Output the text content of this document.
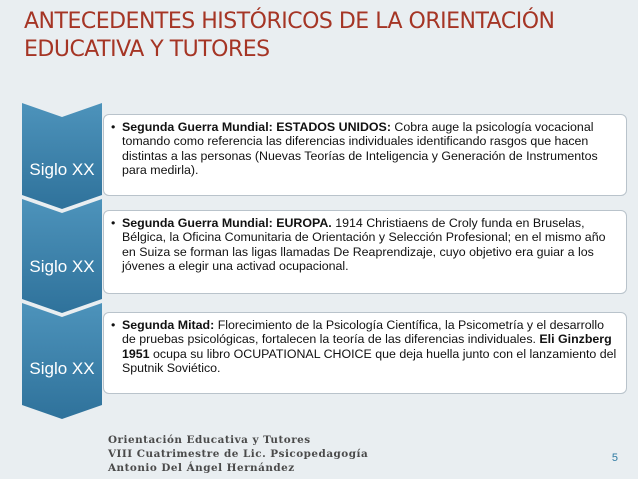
ANTECEDENTES HISTÓRICOS DE LA ORIENTACIÓN
EDUCATIVA Y TUTORES
Siglo XX
Siglo XX
Siglo XX
• Segunda Guerra Mundial: ESTADOS UNIDOS: Cobra auge la psicología vocacional tomando como referencia las diferencias individuales identificando rasgos que hacen distintas a las personas (Nuevas Teorías de Inteligencia y Generación de Instrumentos para medirla).
• Segunda Guerra Mundial: EUROPA. 1914 Christiaens de Croly funda en Bruselas, Bélgica, la Oficina Comunitaria de Orientación y Selección Profesional; en el mismo año en Suiza se forman las ligas llamadas De Reaprendizaje, cuyo objetivo era guiar a los jóvenes a elegir una activad ocupacional.
• Segunda Mitad: Florecimiento de la Psicología Científica, la Psicometría y el desarrollo de pruebas psicológicas, fortalecen la teoría de las diferencias individuales. Eli Ginzberg 1951 ocupa su libro OCUPATIONAL CHOICE que deja huella junto con el lanzamiento del Sputnik Soviético.
Orientación Educativa y Tutores
VIII Cuatrimestre de Lic. Psicopedagogía
Antonio Del Ángel Hernández
5
